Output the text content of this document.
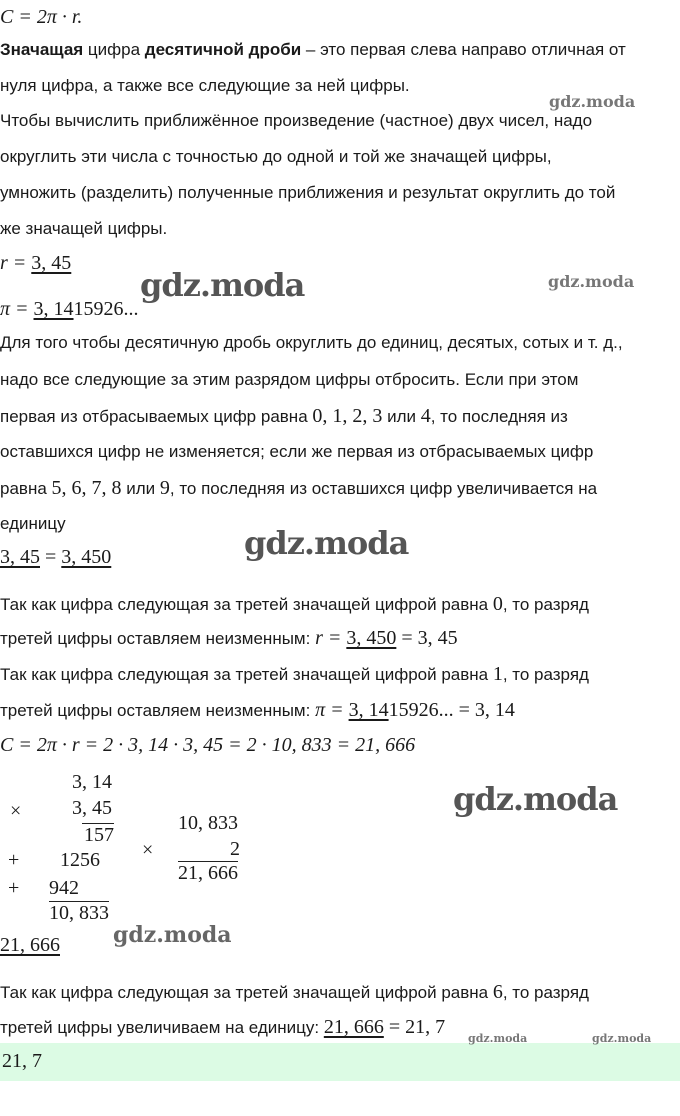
C = 2π · r.
Значащая цифра десятичной дроби – это первая слева направо отличная от
нуля цифра, а также все следующие за ней цифры.
Чтобы вычислить приближённое произведение (частное) двух чисел, надо
округлить эти числа с точностью до одной и той же значащей цифры,
умножить (разделить) полученные приближения и результат округлить до той
же значащей цифры.
r = 3, 45
π = 3, 1415926...
Для того чтобы десятичную дробь округлить до единиц, десятых, сотых и т. д.,
надо все следующие за этим разрядом цифры отбросить. Если при этом
первая из отбрасываемых цифр равна 0, 1, 2, 3 или 4, то последняя из
оставшихся цифр не изменяется; если же первая из отбрасываемых цифр
равна 5, 6, 7, 8 или 9, то последняя из оставшихся цифр увеличивается на
единицу
3, 45 = 3, 450
Так как цифра следующая за третей значащей цифрой равна 0, то разряд
третей цифры оставляем неизменным: r = 3, 450 = 3, 45
Так как цифра следующая за третей значащей цифрой равна 1, то разряд
третей цифры оставляем неизменным: π = 3, 1415926... = 3, 14
C = 2π · r = 2 · 3, 14 · 3, 45 = 2 · 10, 833 = 21, 666
3, 14
×	3, 45
157
+ 1256
+ 942
10, 833
10, 833
×	2
21, 666
21, 666
Так как цифра следующая за третей значащей цифрой равна 6, то разряд
третей цифры увеличиваем на единицу: 21, 666 = 21, 7
21, 7
gdz.moda
gdz.moda	gdz.moda
gdz.moda
gdz.moda
gdz.moda
gdz.moda	gdz.moda
